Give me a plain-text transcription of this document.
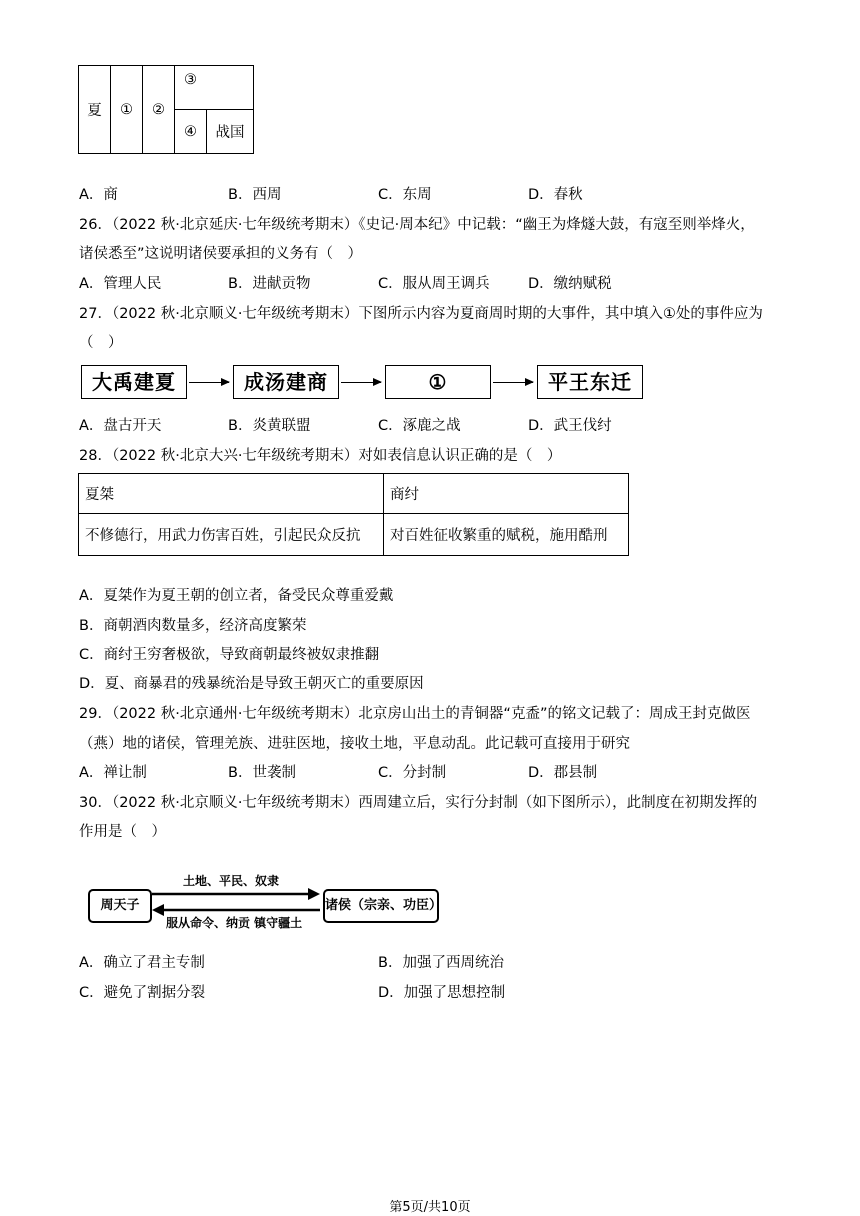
夏	①	②	③	
			④	战国
A．商	B．西周	C．东周	D．春秋
26．（2022 秋·北京延庆·七年级统考期末）《史记·周本纪》中记载：“幽王为烽燧大鼓，有寇至则举烽火，
诸侯悉至”这说明诸侯要承担的义务有（　）
A．管理人民	B．进献贡物	C．服从周王调兵	D．缴纳赋税
27．（2022 秋·北京顺义·七年级统考期末）下图所示内容为夏商周时期的大事件，其中填入①处的事件应为
（　）
大禹建夏	成汤建商	①	平王东迁
A．盘古开天	B．炎黄联盟	C．涿鹿之战	D．武王伐纣
28．（2022 秋·北京大兴·七年级统考期末）对如表信息认识正确的是（　）
夏桀	商纣
不修德行，用武力伤害百姓，引起民众反抗	对百姓征收繁重的赋税，施用酷刑
A．夏桀作为夏王朝的创立者，备受民众尊重爱戴
B．商朝酒肉数量多，经济高度繁荣
C．商纣王穷奢极欲，导致商朝最终被奴隶推翻
D．夏、商暴君的残暴统治是导致王朝灭亡的重要原因
29．（2022 秋·北京通州·七年级统考期末）北京房山出土的青铜器“克盉”的铭文记载了：周成王封克做医
（燕）地的诸侯，管理羌族、进驻医地，接收土地，平息动乱。此记载可直接用于研究
A．禅让制	B．世袭制	C．分封制	D．郡县制
30．（2022 秋·北京顺义·七年级统考期末）西周建立后，实行分封制（如下图所示），此制度在初期发挥的
作用是（　）
周天子	诸侯（宗亲、功臣）
土地、平民、奴隶
服从命令、纳贡 镇守疆土
A．确立了君主专制	B．加强了西周统治
C．避免了割据分裂	D．加强了思想控制
第5页/共10页
